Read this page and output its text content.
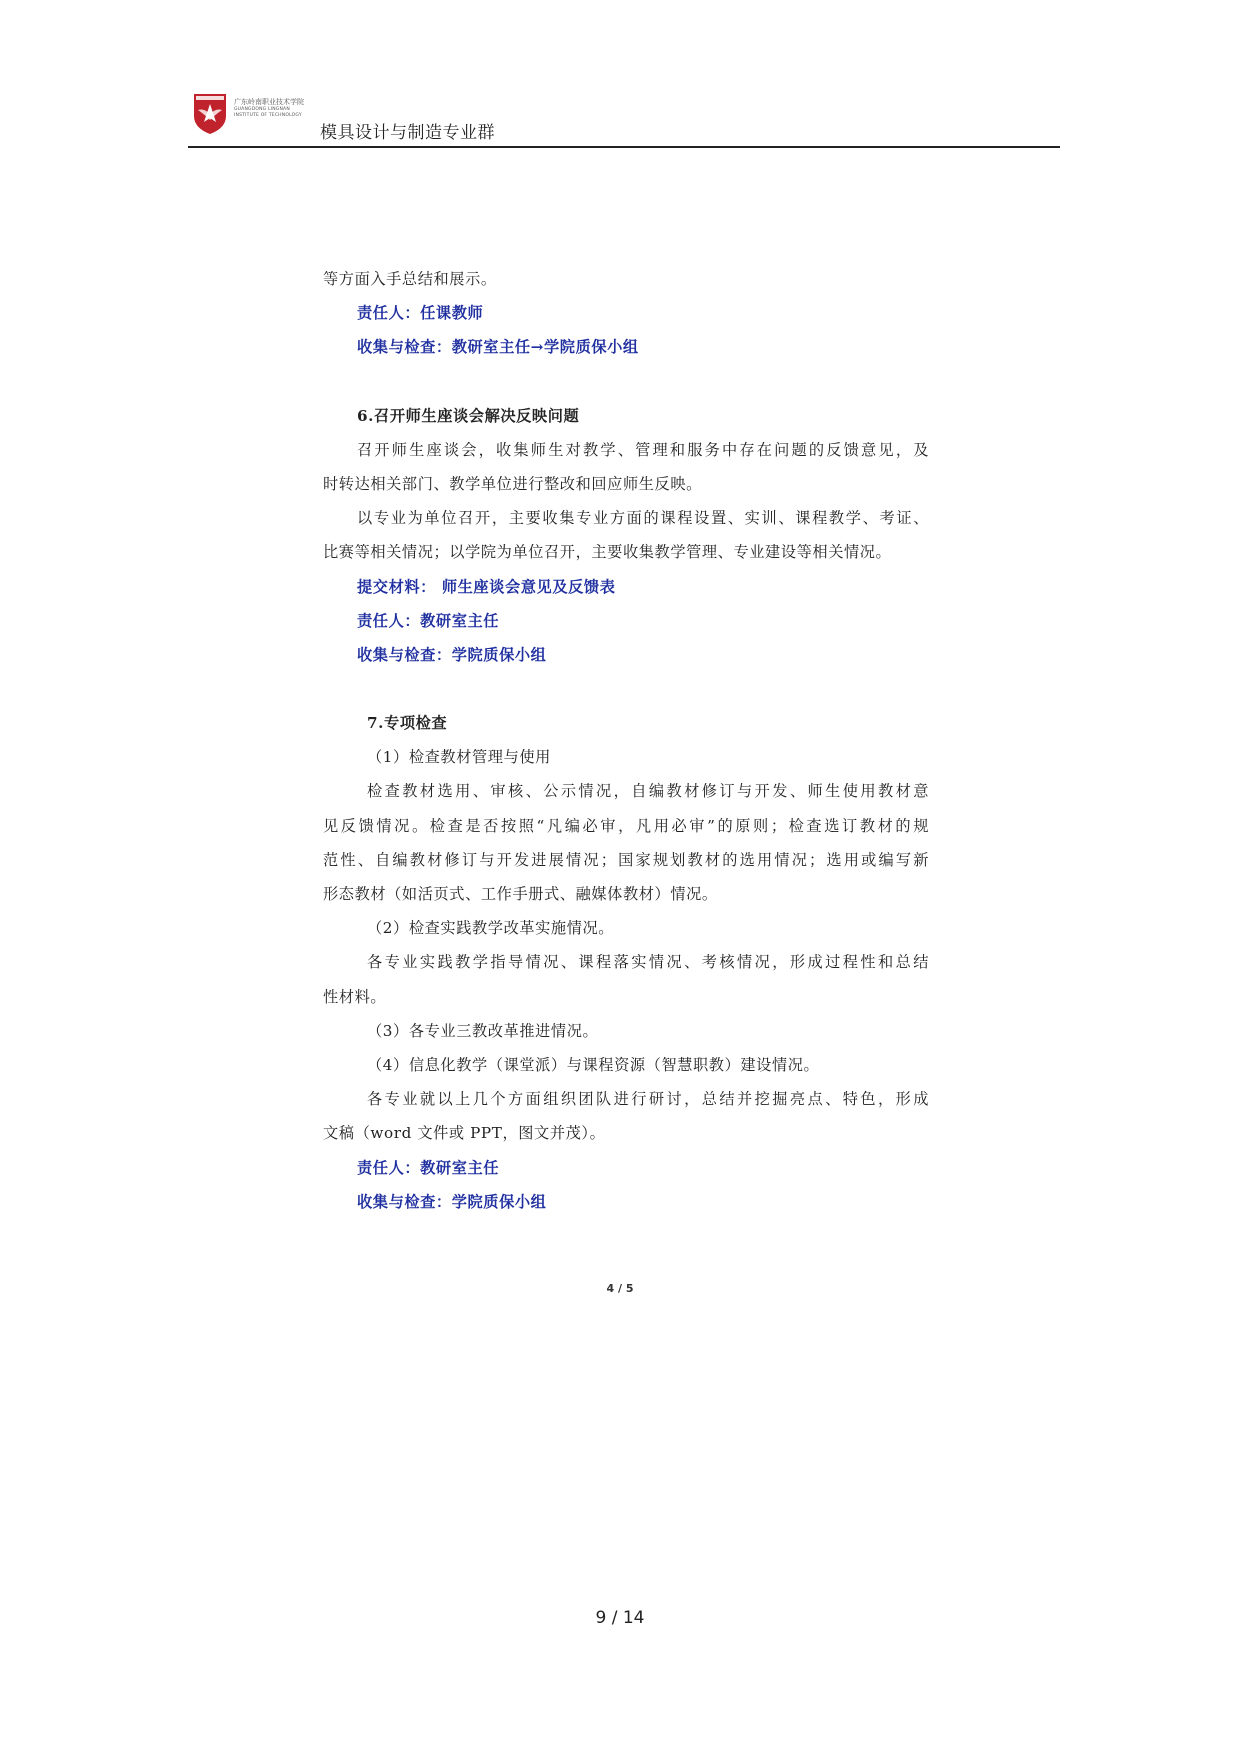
广东岭南职业技术学院
GUANGDONG LINGNAN
INSTITUTE OF TECHNOLOGY
模具设计与制造专业群
等方面入手总结和展示。
责任人：任课教师
收集与检查：教研室主任→学院质保小组
6.召开师生座谈会解决反映问题
召开师生座谈会，收集师生对教学、管理和服务中存在问题的反馈意见，及
时转达相关部门、教学单位进行整改和回应师生反映。
以专业为单位召开，主要收集专业方面的课程设置、实训、课程教学、考证、
比赛等相关情况；以学院为单位召开，主要收集教学管理、专业建设等相关情况。
提交材料： 师生座谈会意见及反馈表
责任人：教研室主任
收集与检查：学院质保小组
7.专项检查
（1）检查教材管理与使用
检查教材选用、审核、公示情况，自编教材修订与开发、师生使用教材意
见反馈情况。检查是否按照“凡编必审，凡用必审”的原则；检查选订教材的规
范性、自编教材修订与开发进展情况；国家规划教材的选用情况；选用或编写新
形态教材（如活页式、工作手册式、融媒体教材）情况。
（2）检查实践教学改革实施情况。
各专业实践教学指导情况、课程落实情况、考核情况，形成过程性和总结
性材料。
（3）各专业三教改革推进情况。
（4）信息化教学（课堂派）与课程资源（智慧职教）建设情况。
各专业就以上几个方面组织团队进行研讨，总结并挖掘亮点、特色，形成
文稿（word 文件或 PPT，图文并茂）。
责任人：教研室主任
收集与检查：学院质保小组
4 / 5
9 / 14
